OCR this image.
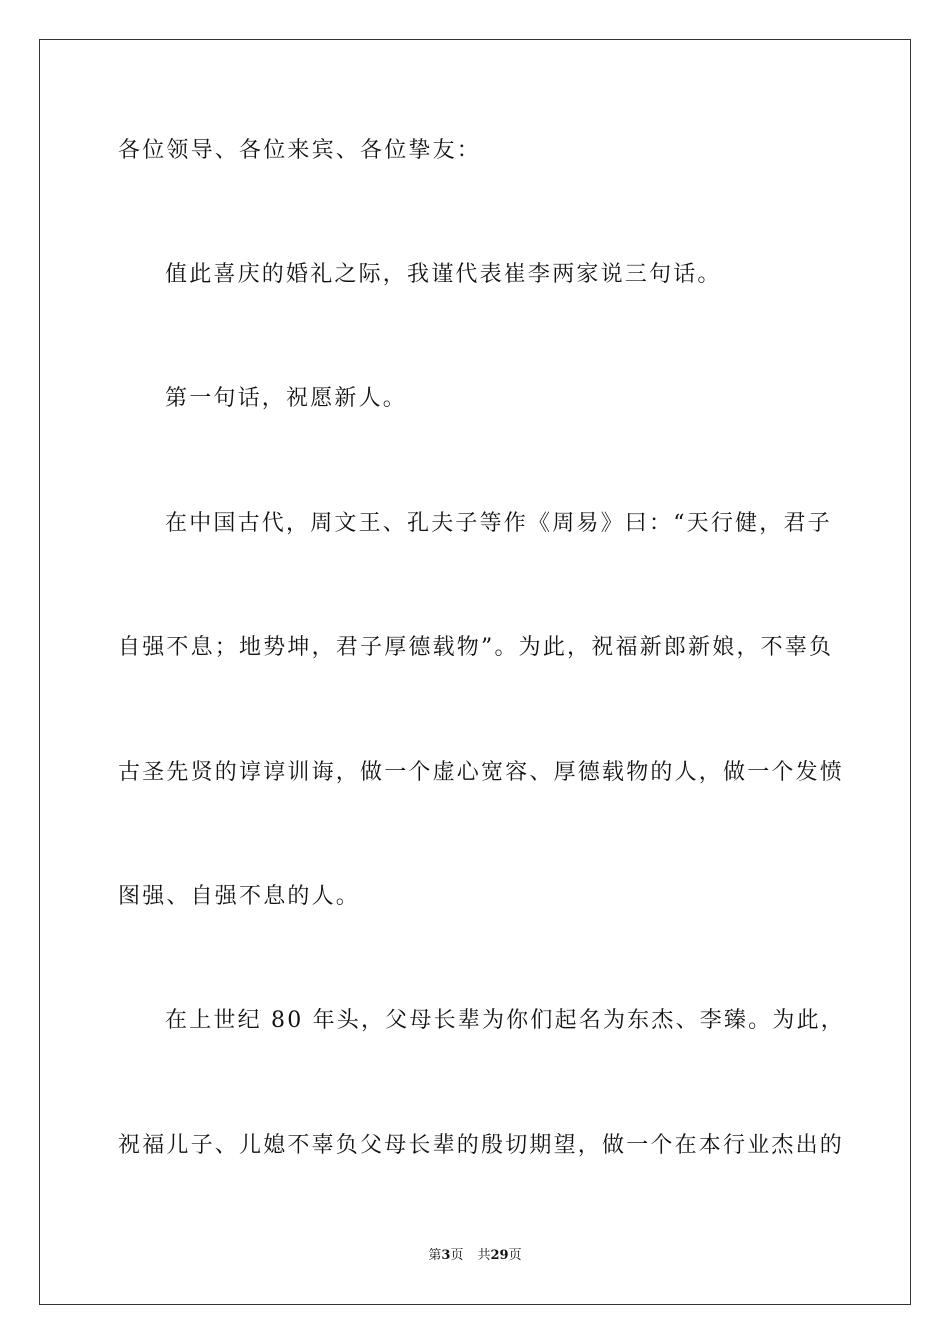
各位领导、各位来宾、各位挚友：
值此喜庆的婚礼之际，我谨代表崔李两家说三句话。
第一句话，祝愿新人。
在中国古代，周文王、孔夫子等作《周易》曰：“天行健，君子
自强不息；地势坤，君子厚德载物”。为此，祝福新郎新娘，不辜负
古圣先贤的谆谆训诲，做一个虚心宽容、厚德载物的人，做一个发愤
图强、自强不息的人。
在上世纪 80 年头，父母长辈为你们起名为东杰、李臻。为此，
祝福儿子、儿媳不辜负父母长辈的殷切期望，做一个在本行业杰出的
第3页 共29页
